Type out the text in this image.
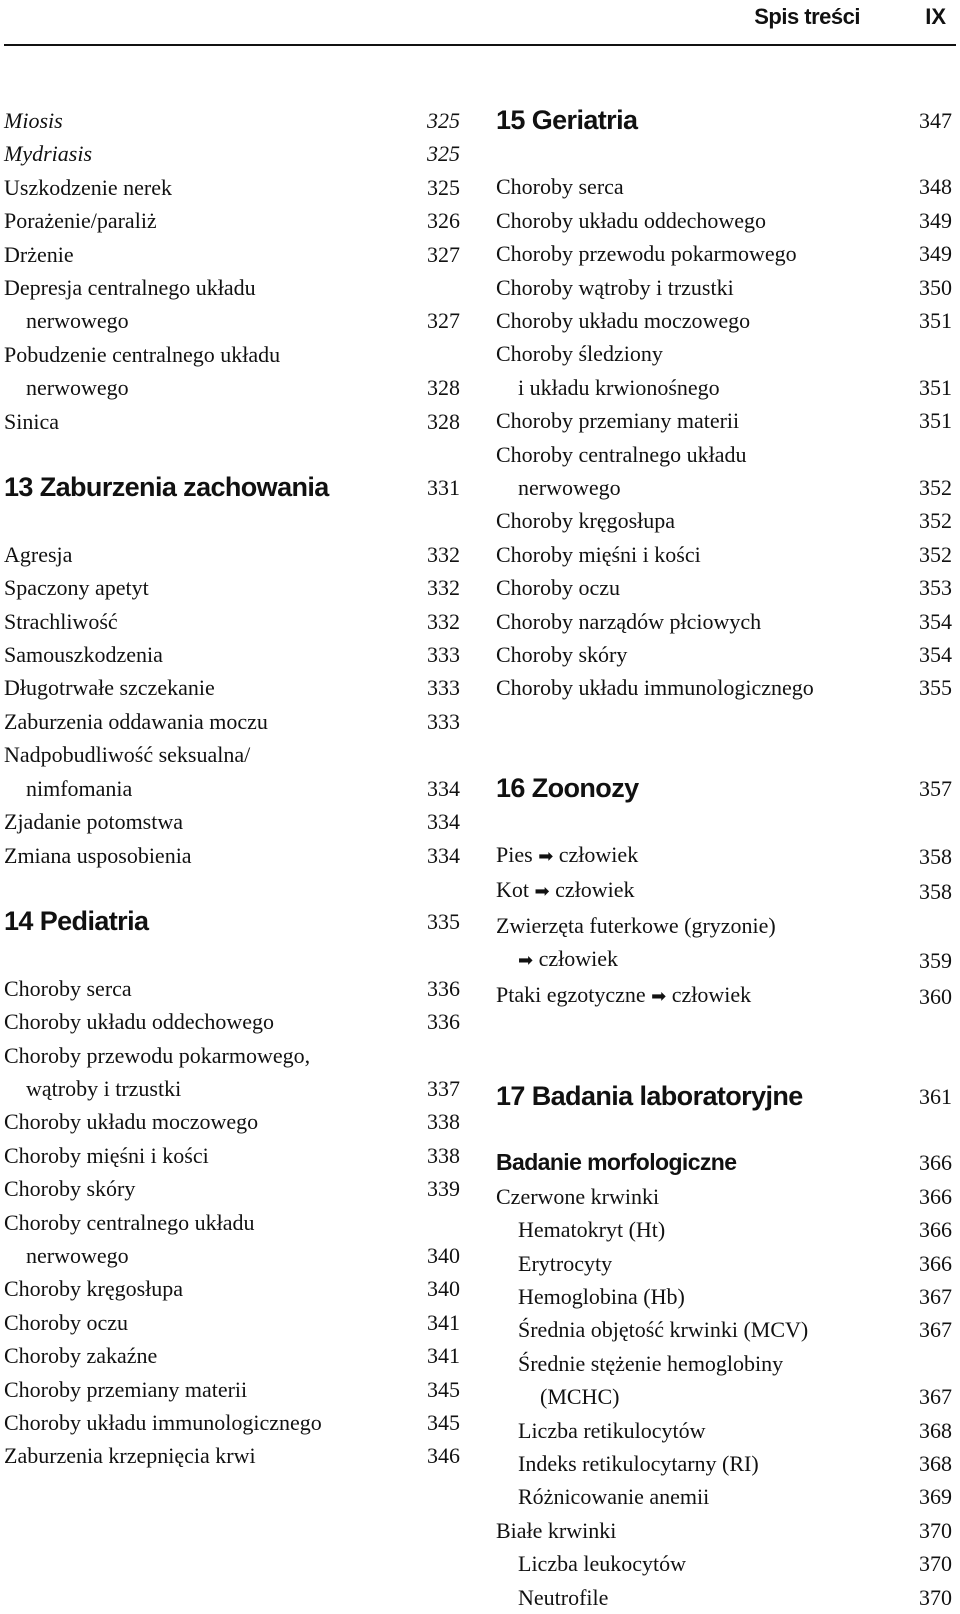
Spis treści	IX
Miosis	325
Mydriasis	325
Uszkodzenie nerek	325
Porażenie/paraliż	326
Drżenie	327
Depresja centralnego układu
nerwowego	327
Pobudzenie centralnego układu
nerwowego	328
Sinica	328
13 Zaburzenia zachowania	331
Agresja	332
Spaczony apetyt	332
Strachliwość	332
Samouszkodzenia	333
Długotrwałe szczekanie	333
Zaburzenia oddawania moczu	333
Nadpobudliwość seksualna/
nimfomania	334
Zjadanie potomstwa	334
Zmiana usposobienia	334
14 Pediatria	335
Choroby serca	336
Choroby układu oddechowego	336
Choroby przewodu pokarmowego,
wątroby i trzustki	337
Choroby układu moczowego	338
Choroby mięśni i kości	338
Choroby skóry	339
Choroby centralnego układu
nerwowego	340
Choroby kręgosłupa	340
Choroby oczu	341
Choroby zakaźne	341
Choroby przemiany materii	345
Choroby układu immunologicznego	345
Zaburzenia krzepnięcia krwi	346
15 Geriatria	347
Choroby serca	348
Choroby układu oddechowego	349
Choroby przewodu pokarmowego	349
Choroby wątroby i trzustki	350
Choroby układu moczowego	351
Choroby śledziony
i układu krwionośnego	351
Choroby przemiany materii	351
Choroby centralnego układu
nerwowego	352
Choroby kręgosłupa	352
Choroby mięśni i kości	352
Choroby oczu	353
Choroby narządów płciowych	354
Choroby skóry	354
Choroby układu immunologicznego	355
16 Zoonozy	357
Pies ➡ człowiek	358
Kot ➡ człowiek	358
Zwierzęta futerkowe (gryzonie)
➡ człowiek	359
Ptaki egzotyczne ➡ człowiek	360
17 Badania laboratoryjne	361
Badanie morfologiczne	366
Czerwone krwinki	366
Hematokryt (Ht)	366
Erytrocyty	366
Hemoglobina (Hb)	367
Średnia objętość krwinki (MCV)	367
Średnie stężenie hemoglobiny
(MCHC)	367
Liczba retikulocytów	368
Indeks retikulocytarny (RI)	368
Różnicowanie anemii	369
Białe krwinki	370
Liczba leukocytów	370
Neutrofile	370
